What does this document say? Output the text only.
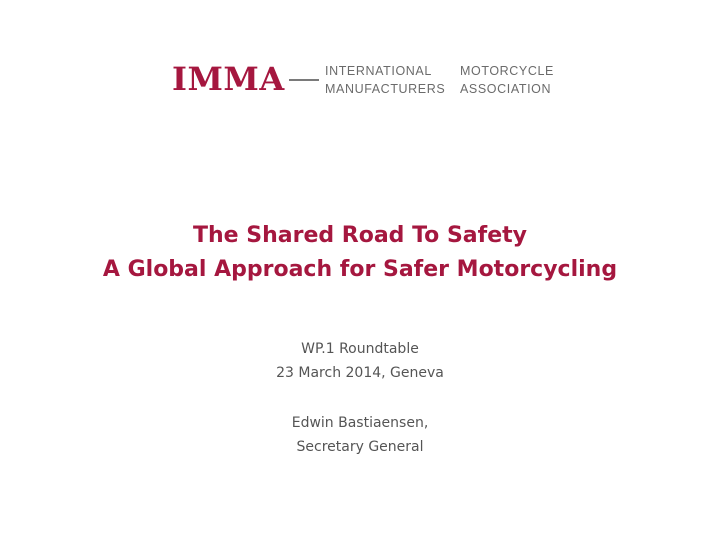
IMMA	INTERNATIONAL
MANUFACTURERS
MOTORCYCLE
ASSOCIATION
The Shared Road To Safety
A Global Approach for Safer Motorcycling
WP.1 Roundtable
23 March 2014, Geneva
Edwin Bastiaensen,
Secretary General
